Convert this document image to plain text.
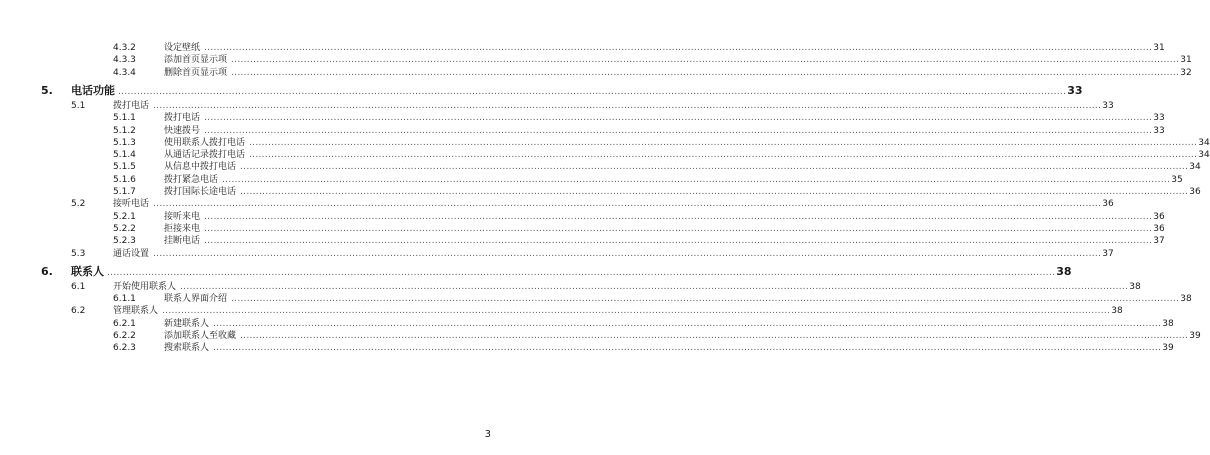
4.3.2	设定壁纸 ............................................................................................................................................................................................................................................................................................................ 31
4.3.3	添加首页显示项 ............................................................................................................................................................................................................................................................................................................ 31
4.3.4	删除首页显示项 ............................................................................................................................................................................................................................................................................................................ 32
5. 电话功能 ............................................................................................................................................................................................................................................................................................................ 33
5.1	拨打电话 ............................................................................................................................................................................................................................................................................................................ 33
5.1.1	拨打电话 ............................................................................................................................................................................................................................................................................................................ 33
5.1.2	快速拨号 ............................................................................................................................................................................................................................................................................................................ 33
5.1.3	使用联系人拨打电话 ............................................................................................................................................................................................................................................................................................................ 34
5.1.4	从通话记录拨打电话 ............................................................................................................................................................................................................................................................................................................ 34
5.1.5	从信息中拨打电话 ............................................................................................................................................................................................................................................................................................................ 34
5.1.6	拨打紧急电话 ............................................................................................................................................................................................................................................................................................................ 35
5.1.7	拨打国际长途电话 ............................................................................................................................................................................................................................................................................................................ 36
5.2	接听电话 ............................................................................................................................................................................................................................................................................................................ 36
5.2.1	接听来电 ............................................................................................................................................................................................................................................................................................................ 36
5.2.2	拒接来电 ............................................................................................................................................................................................................................................................................................................ 36
5.2.3	挂断电话 ............................................................................................................................................................................................................................................................................................................ 37
5.3	通话设置 ............................................................................................................................................................................................................................................................................................................ 37
6. 联系人 ............................................................................................................................................................................................................................................................................................................ 38
6.1	开始使用联系人 ............................................................................................................................................................................................................................................................................................................ 38
6.1.1	联系人界面介绍 ............................................................................................................................................................................................................................................................................................................ 38
6.2	管理联系人 ............................................................................................................................................................................................................................................................................................................ 38
6.2.1	新建联系人 ............................................................................................................................................................................................................................................................................................................ 38
6.2.2	添加联系人至收藏 ............................................................................................................................................................................................................................................................................................................ 39
6.2.3	搜索联系人 ............................................................................................................................................................................................................................................................................................................ 39
3
